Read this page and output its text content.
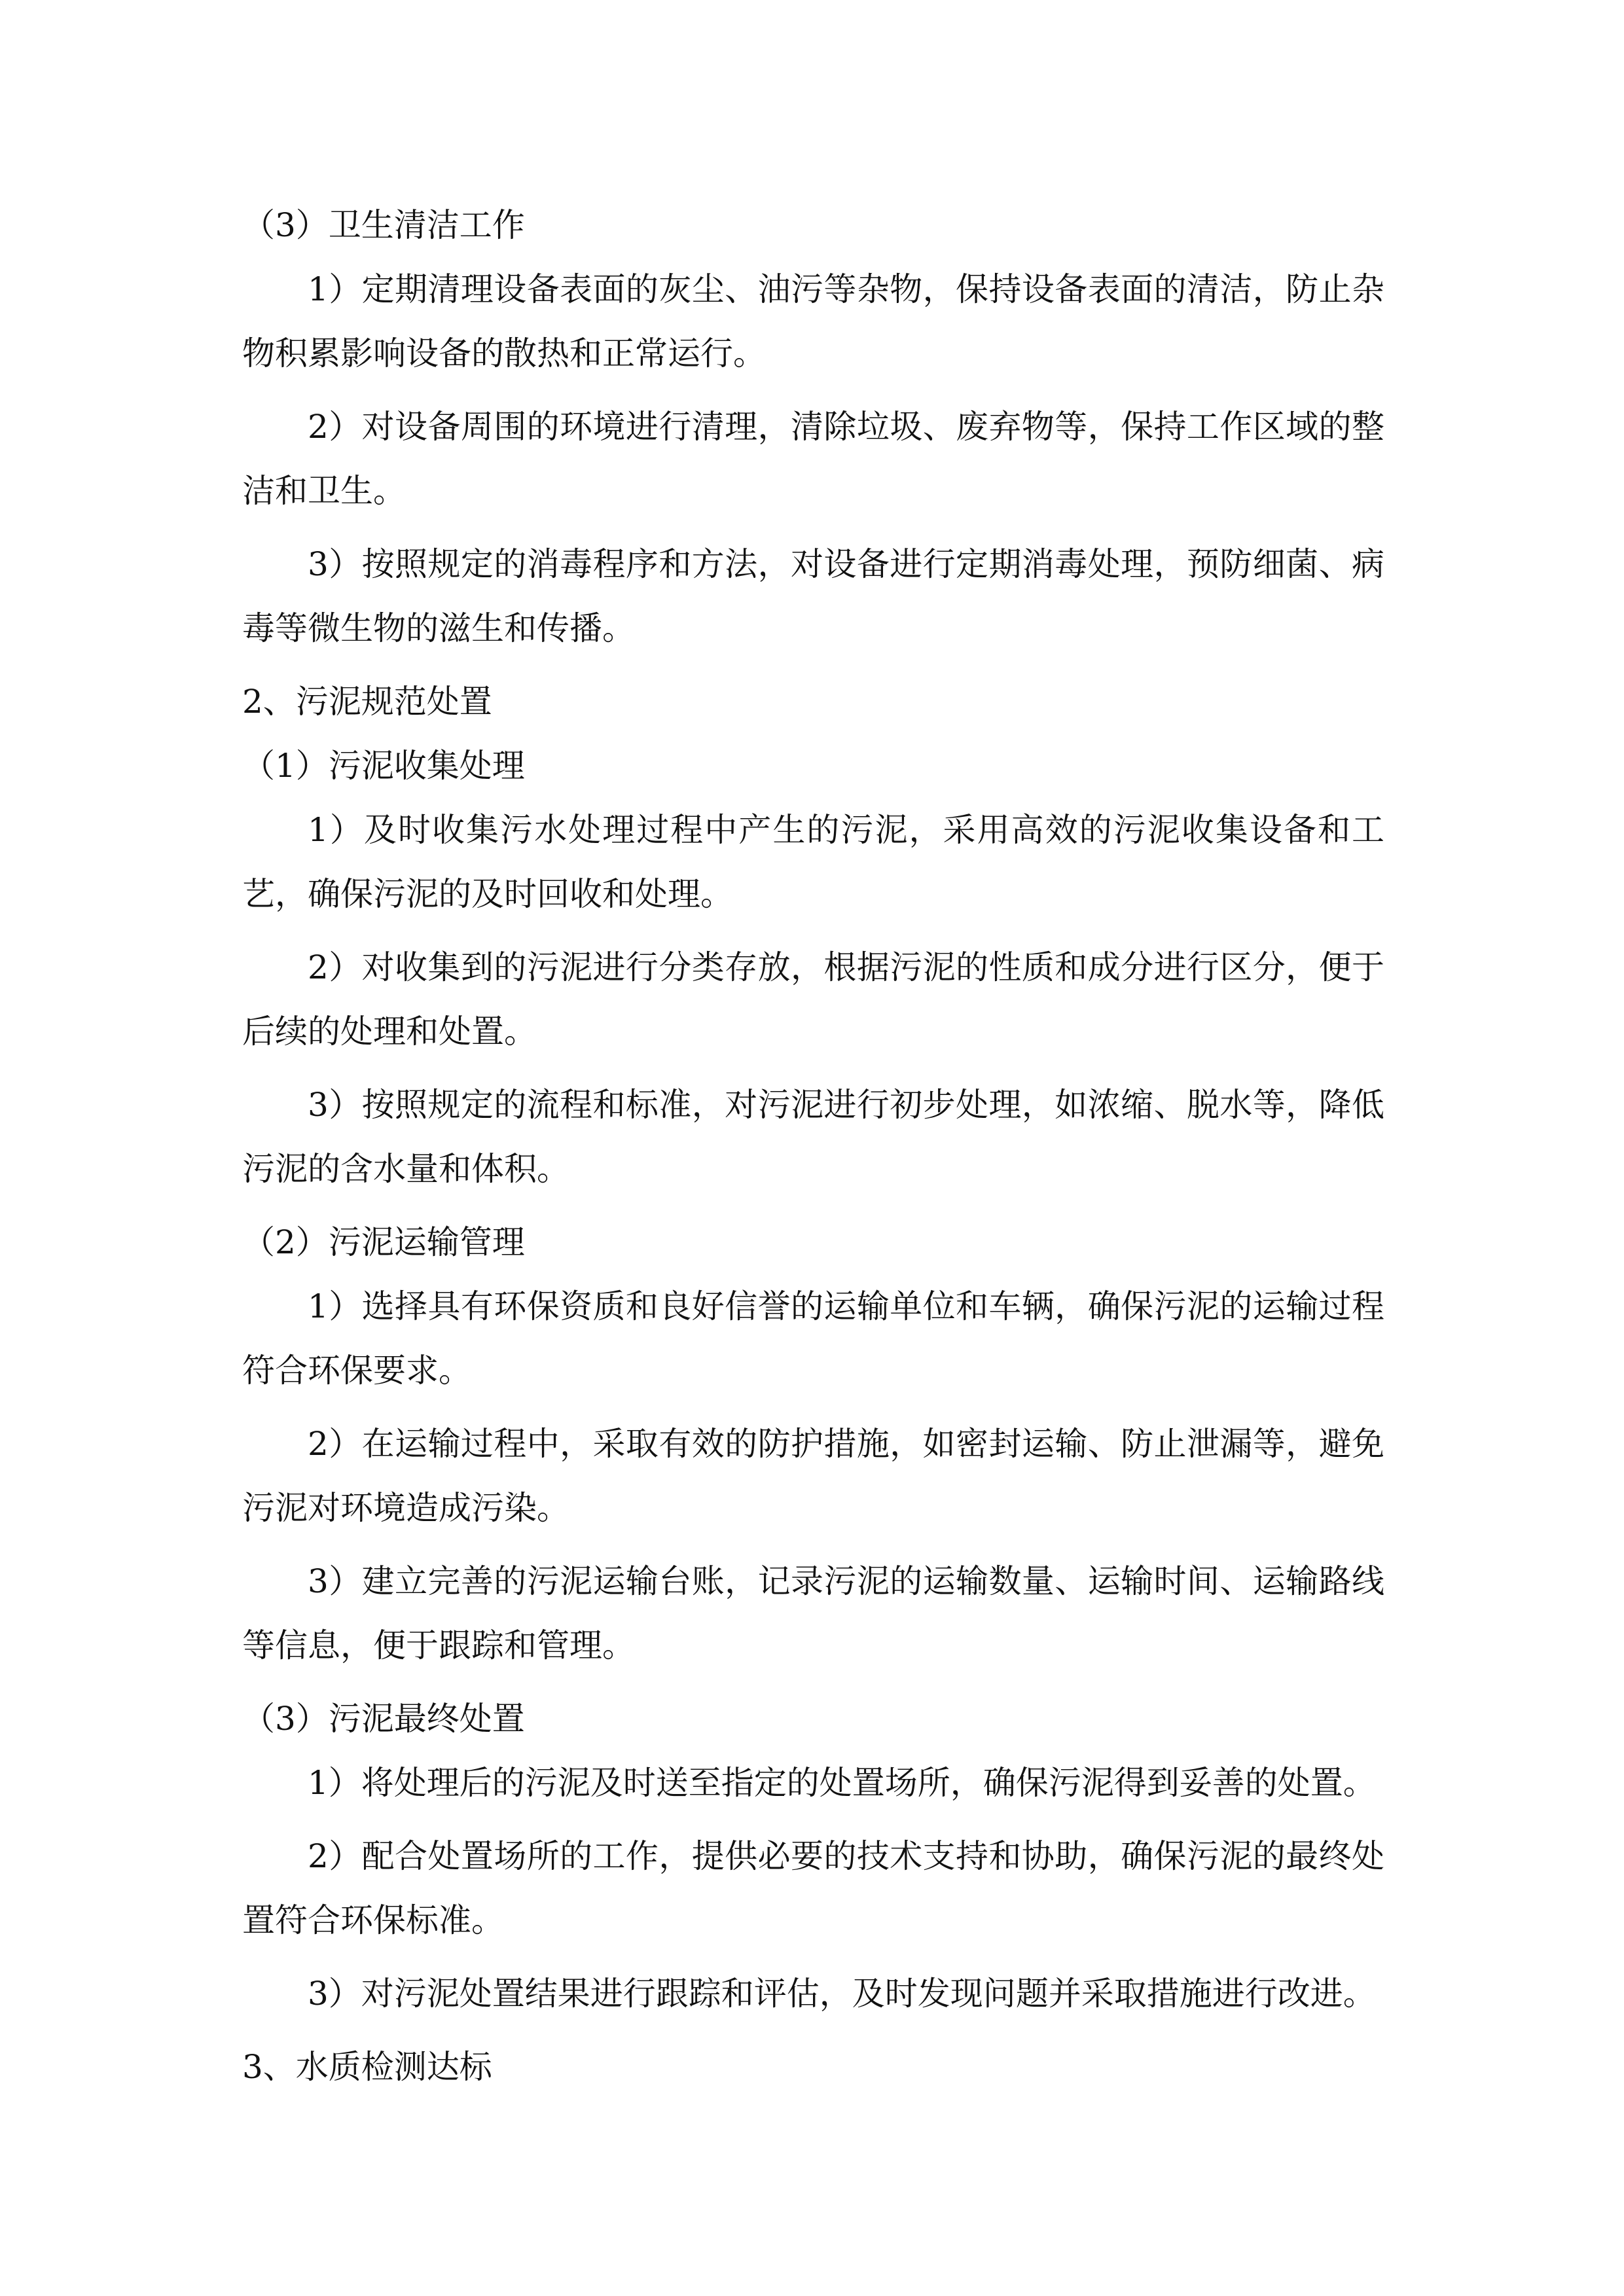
（3）卫生清洁工作

1）定期清理设备表面的灰尘、油污等杂物，保持设备表面的清洁，防止杂物积累影响设备的散热和正常运行。

2）对设备周围的环境进行清理，清除垃圾、废弃物等，保持工作区域的整洁和卫生。

3）按照规定的消毒程序和方法，对设备进行定期消毒处理，预防细菌、病毒等微生物的滋生和传播。

2、污泥规范处置

（1）污泥收集处理

1）及时收集污水处理过程中产生的污泥，采用高效的污泥收集设备和工艺，确保污泥的及时回收和处理。

2）对收集到的污泥进行分类存放，根据污泥的性质和成分进行区分，便于后续的处理和处置。

3）按照规定的流程和标准，对污泥进行初步处理，如浓缩、脱水等，降低污泥的含水量和体积。

（2）污泥运输管理

1）选择具有环保资质和良好信誉的运输单位和车辆，确保污泥的运输过程符合环保要求。

2）在运输过程中，采取有效的防护措施，如密封运输、防止泄漏等，避免污泥对环境造成污染。

3）建立完善的污泥运输台账，记录污泥的运输数量、运输时间、运输路线等信息，便于跟踪和管理。

（3）污泥最终处置

1）将处理后的污泥及时送至指定的处置场所，确保污泥得到妥善的处置。

2）配合处置场所的工作，提供必要的技术支持和协助，确保污泥的最终处置符合环保标准。

3）对污泥处置结果进行跟踪和评估，及时发现问题并采取措施进行改进。

3、水质检测达标
